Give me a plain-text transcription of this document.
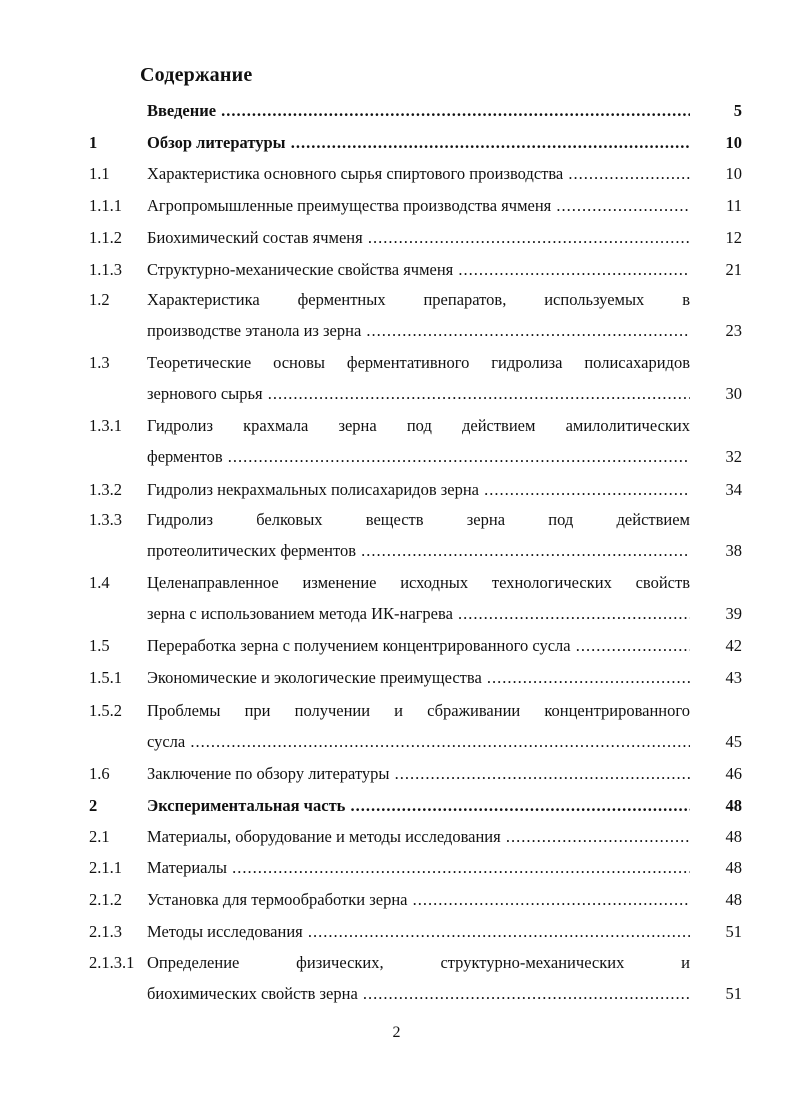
Содержание
Введение .....	5
1	Обзор литературы .....	10
1.1 Характеристика основного сырья спиртового производства .....	10
1.1.1 Агропромышленные преимущества производства ячменя .....	11
1.1.2 Биохимический состав ячменя .....	12
1.1.3 Структурно-механические свойства ячменя .....	21
1.2 Характеристика ферментных препаратов, используемых в
производстве этанола из зерна .....	23
1.3 Теоретические основы ферментативного гидролиза полисахаридов
зернового сырья .....	30
1.3.1 Гидролиз крахмала зерна под действием амилолитических
ферментов .....	32
1.3.2 Гидролиз некрахмальных полисахаридов зерна .....	34
1.3.3 Гидролиз белковых веществ зерна под действием
протеолитических ферментов .....	38
1.4 Целенаправленное изменение исходных технологических свойств
зерна с использованием метода ИК-нагрева .....	39
1.5 Переработка зерна с получением концентрированного сусла .....	42
1.5.1 Экономические и экологические преимущества .....	43
1.5.2 Проблемы при получении и сбраживании концентрированного
сусла .....	45
1.6 Заключение по обзору литературы .....	46
2	Экспериментальная часть .....	48
2.1 Материалы, оборудование и методы исследования .....	48
2.1.1 Материалы .....	48
2.1.2 Установка для термообработки зерна .....	48
2.1.3 Методы исследования .....	51
2.1.3.1 Определение физических, структурно-механических и
биохимических свойств зерна .....	51
2
